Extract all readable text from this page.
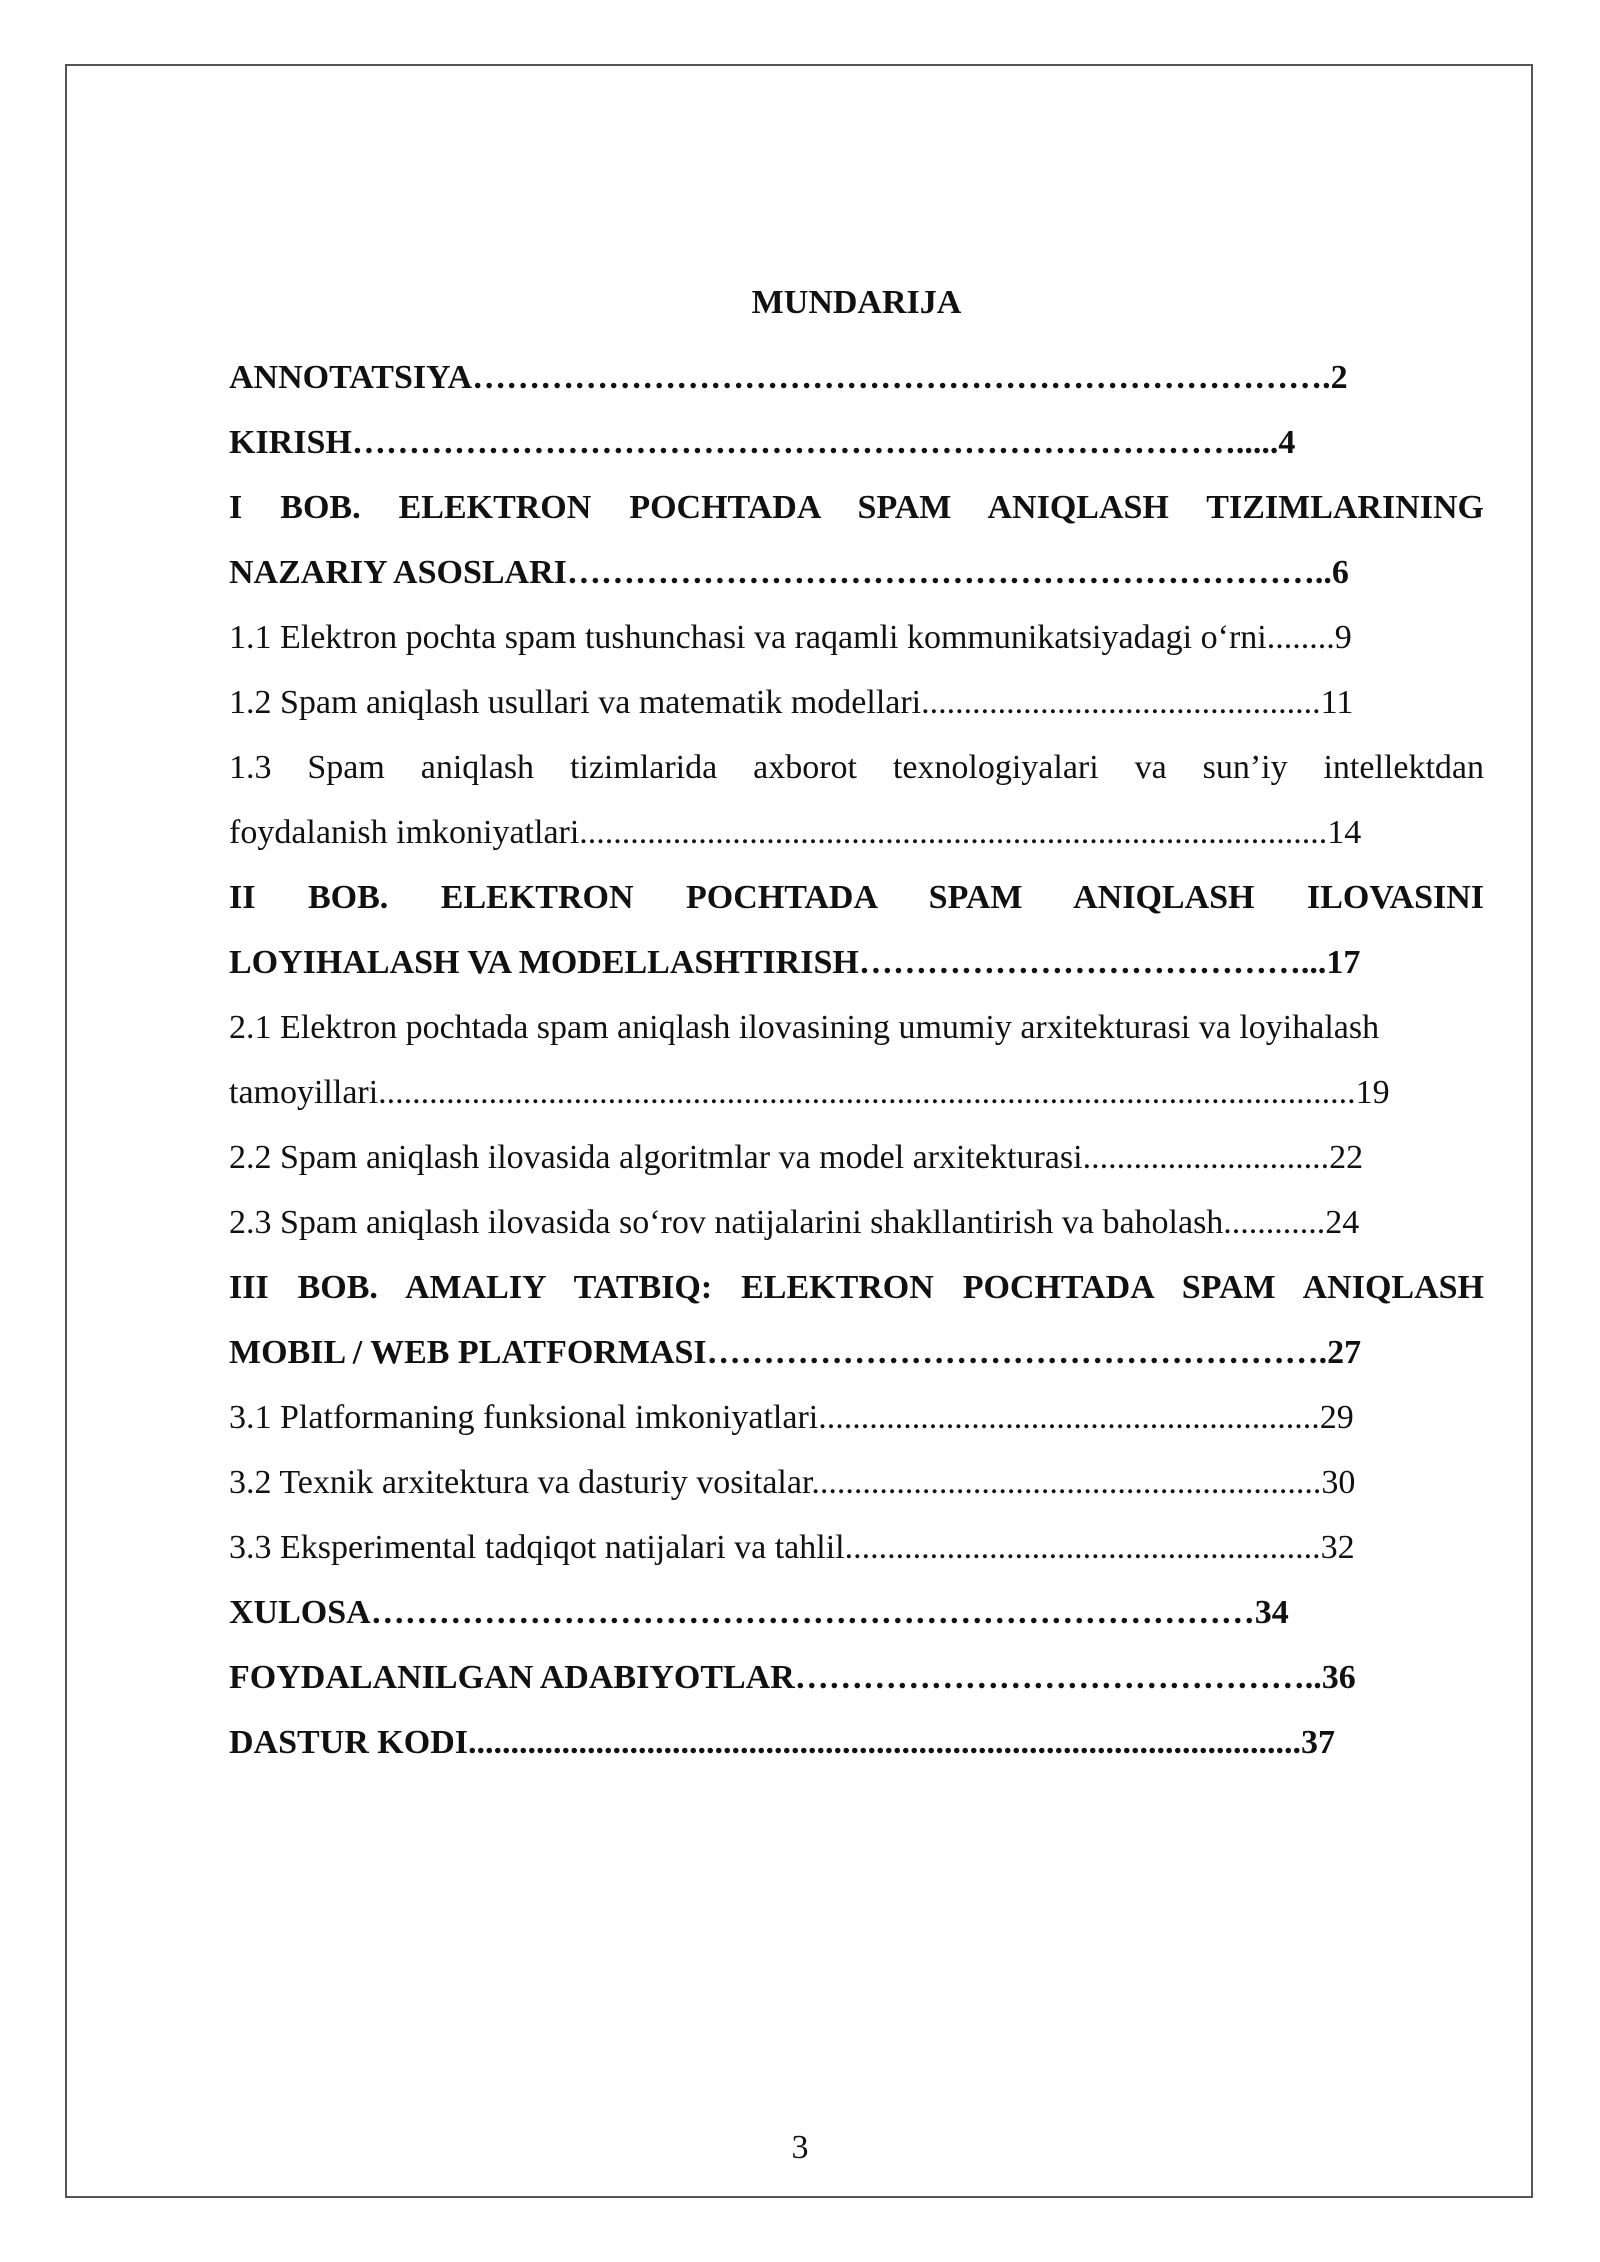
MUNDARIJA
ANNOTATSIYA………………………………………………………………….2
KIRISH…………………………………………………………………….....4
I BOB. ELEKTRON POCHTADA SPAM ANIQLASH TIZIMLARINING
NAZARIY ASOSLARI…………………………………………………………..6
1.1 Elektron pochta spam tushunchasi va raqamli kommunikatsiyadagi o‘rni........9
1.2 Spam aniqlash usullari va matematik modellari...............................................11
1.3 Spam aniqlash tizimlarida axborot texnologiyalari va sun’iy intellektdan
foydalanish imkoniyatlari........................................................................................14
II BOB. ELEKTRON POCHTADA SPAM ANIQLASH ILOVASINI
LOYIHALASH VA MODELLASHTIRISH…………………………………...17
2.1 Elektron pochtada spam aniqlash ilovasining umumiy arxitekturasi va loyihalash
tamoyillari...................................................................................................................19
2.2 Spam aniqlash ilovasida algoritmlar va model arxitekturasi.............................22
2.3 Spam aniqlash ilovasida so‘rov natijalarini shakllantirish va baholash............24
III BOB. AMALIY TATBIQ: ELEKTRON POCHTADA SPAM ANIQLASH
MOBIL / WEB PLATFORMASI……………………………………………….27
3.1 Platformaning funksional imkoniyatlari...........................................................29
3.2 Texnik arxitektura va dasturiy vositalar............................................................30
3.3 Eksperimental tadqiqot natijalari va tahlil........................................................32
XULOSA……………………………………………………………………34
FOYDALANILGAN ADABIYOTLAR………………………………………..36
DASTUR KODI..................................................................................................37
3
